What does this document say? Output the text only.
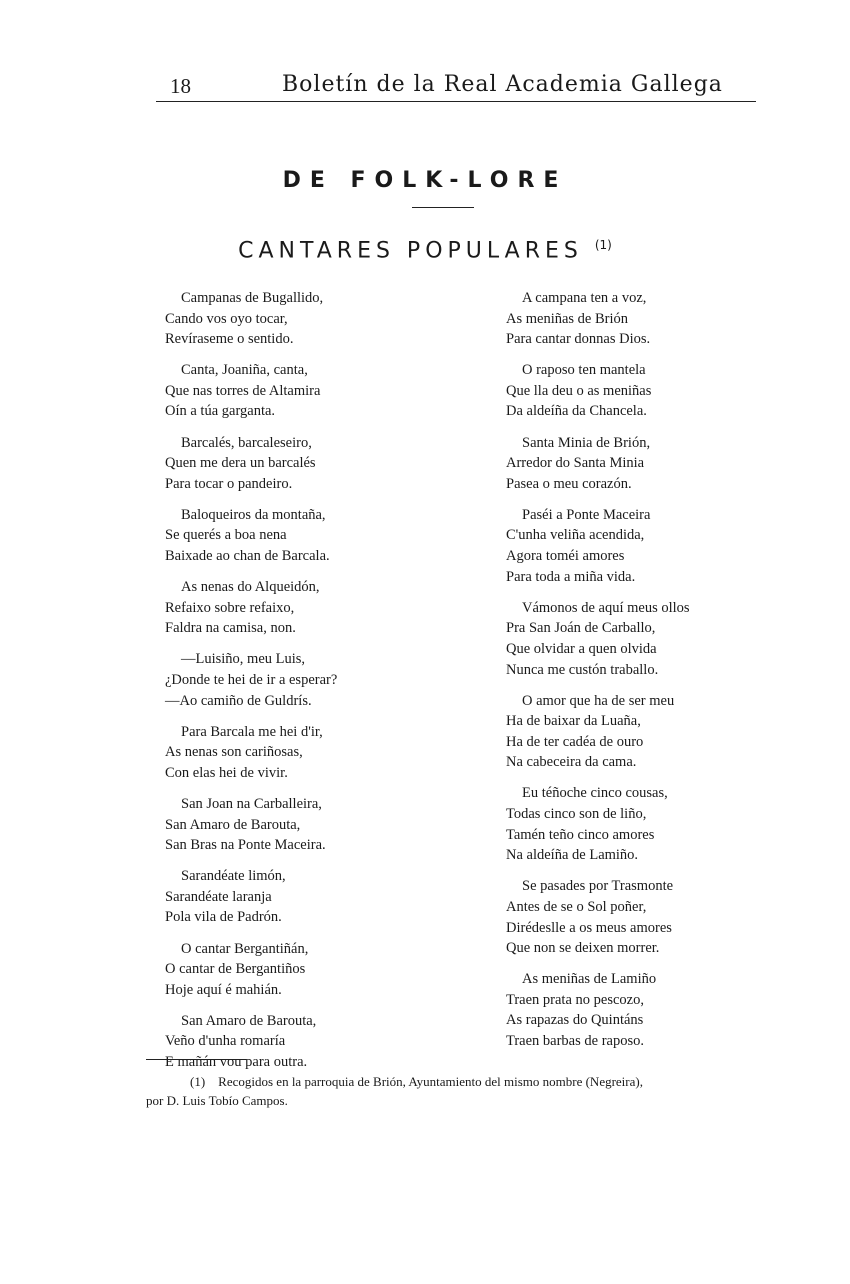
18	Boletín de la Real Academia Gallega
DE FOLK-LORE
CANTARES POPULARES $^{(1)}$
Campanas de Bugallido,
Cando vos oyo tocar,
Revíraseme o sentido.
Canta, Joaniña, canta,
Que nas torres de Altamira
Oín a túa garganta.
Barcalés, barcaleseiro,
Quen me dera un barcalés
Para tocar o pandeiro.
Baloqueiros da montaña,
Se querés a boa nena
Baixade ao chan de Barcala.
As nenas do Alqueidón,
Refaixo sobre refaixo,
Faldra na camisa, non.
—Luisiño, meu Luis,
¿Donde te hei de ir a esperar?
—Ao camiño de Guldrís.
Para Barcala me hei d'ir,
As nenas son cariñosas,
Con elas hei de vivir.
San Joan na Carballeira,
San Amaro de Barouta,
San Bras na Ponte Maceira.
Sarandéate limón,
Sarandéate laranja
Pola vila de Padrón.
O cantar Bergantiñán,
O cantar de Bergantiños
Hoje aquí é mahián.
San Amaro de Barouta,
Veño d'unha romaría
E mañán vou para outra.
A campana ten a voz,
As meniñas de Brión
Para cantar donnas Dios.
O raposo ten mantela
Que lla deu o as meniñas
Da aldeíña da Chancela.
Santa Minia de Brión,
Arredor do Santa Minia
Pasea o meu corazón.
Paséi a Ponte Maceira
C'unha veliña acendida,
Agora toméi amores
Para toda a miña vida.
Vámonos de aquí meus ollos
Pra San Joán de Carballo,
Que olvidar a quen olvida
Nunca me custón traballo.
O amor que ha de ser meu
Ha de baixar da Luaña,
Ha de ter cadéa de ouro
Na cabeceira da cama.
Eu téñoche cinco cousas,
Todas cinco son de liño,
Tamén teño cinco amores
Na aldeíña de Lamiño.
Se pasades por Trasmonte
Antes de se o Sol poñer,
Dirédeslle a os meus amores
Que non se deixen morrer.
As meniñas de Lamiño
Traen prata no pescozo,
As rapazas do Quintáns
Traen barbas de raposo.
(1) Recogidos en la parroquia de Brión, Ayuntamiento del mismo nombre (Negreira),
por D. Luis Tobío Campos.
